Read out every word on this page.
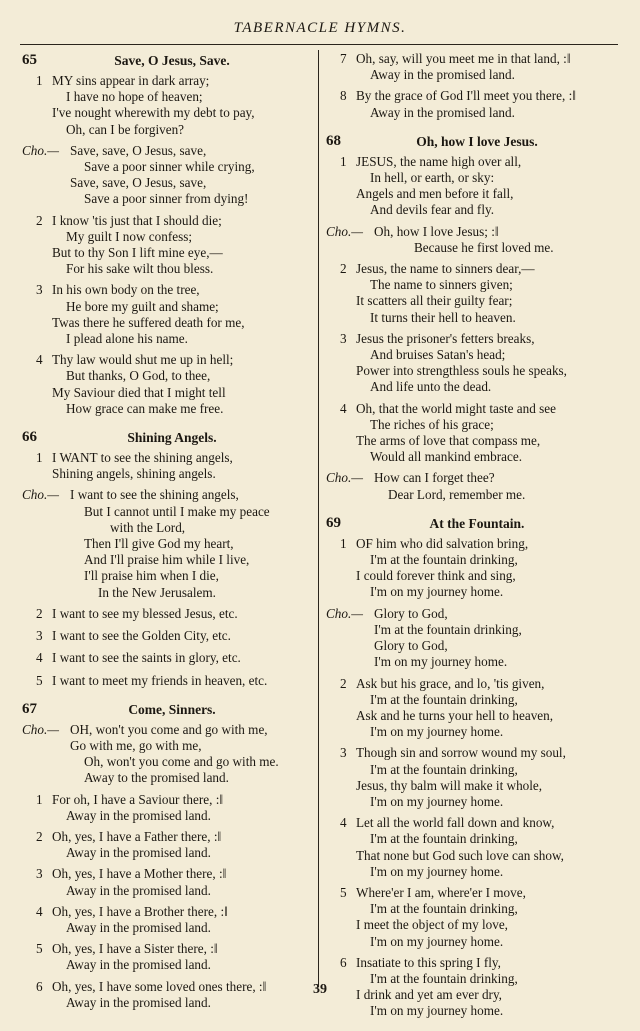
TABERNACLE HYMNS.
65	Save, O Jesus, Save.
1 MY sins appear in dark array;
I have no hope of heaven;
I've nought wherewith my debt to pay,
Oh, can I be forgiven?
Cho.— Save, save, O Jesus, save,
Save a poor sinner while crying,
Save, save, O Jesus, save,
Save a poor sinner from dying!
2 I know 'tis just that I should die;
My guilt I now confess;
But to thy Son I lift mine eye,—
For his sake wilt thou bless.
3 In his own body on the tree,
He bore my guilt and shame;
Twas there he suffered death for me,
I plead alone his name.
4 Thy law would shut me up in hell;
But thanks, O God, to thee,
My Saviour died that I might tell
How grace can make me free.
66	Shining Angels.
1 I WANT to see the shining angels,
Shining angels, shining angels.
Cho.— I want to see the shining angels,
But I cannot until I make my peace
with the Lord,
Then I'll give God my heart,
And I'll praise him while I live,
I'll praise him when I die,
In the New Jerusalem.
2 I want to see my blessed Jesus, etc.
3 I want to see the Golden City, etc.
4 I want to see the saints in glory, etc.
5 I want to meet my friends in heaven, etc.
67	Come, Sinners.
Cho.— OH, won't you come and go with me,
Go with me, go with me,
Oh, won't you come and go with me.
Away to the promised land.
1 For oh, I have a Saviour there, :‖
Away in the promised land.
2 Oh, yes, I have a Father there, :‖
Away in the promised land.
3 Oh, yes, I have a Mother there, :‖
Away in the promised land.
4 Oh, yes, I have a Brother there, :‖
Away in the promised land.
5 Oh, yes, I have a Sister there, :‖
Away in the promised land.
6 Oh, yes, I have some loved ones there, :‖
Away in the promised land.
7 Oh, say, will you meet me in that land, :‖
Away in the promised land.
8 By the grace of God I'll meet you there, :‖
Away in the promised land.
68	Oh, how I love Jesus.
1 JESUS, the name high over all,
In hell, or earth, or sky:
Angels and men before it fall,
And devils fear and fly.
Cho.— Oh, how I love Jesus; :‖
Because he first loved me.
2 Jesus, the name to sinners dear,—
The name to sinners given;
It scatters all their guilty fear;
It turns their hell to heaven.
3 Jesus the prisoner's fetters breaks,
And bruises Satan's head;
Power into strengthless souls he speaks,
And life unto the dead.
4 Oh, that the world might taste and see
The riches of his grace;
The arms of love that compass me,
Would all mankind embrace.
Cho.— How can I forget thee?
Dear Lord, remember me.
69	At the Fountain.
1 OF him who did salvation bring,
I'm at the fountain drinking,
I could forever think and sing,
I'm on my journey home.
Cho.— Glory to God,
I'm at the fountain drinking,
Glory to God,
I'm on my journey home.
2 Ask but his grace, and lo, 'tis given,
I'm at the fountain drinking,
Ask and he turns your hell to heaven,
I'm on my journey home.
3 Though sin and sorrow wound my soul,
I'm at the fountain drinking,
Jesus, thy balm will make it whole,
I'm on my journey home.
4 Let all the world fall down and know,
I'm at the fountain drinking,
That none but God such love can show,
I'm on my journey home.
5 Where'er I am, where'er I move,
I'm at the fountain drinking,
I meet the object of my love,
I'm on my journey home.
6 Insatiate to this spring I fly,
I'm at the fountain drinking,
I drink and yet am ever dry,
I'm on my journey home.
39
